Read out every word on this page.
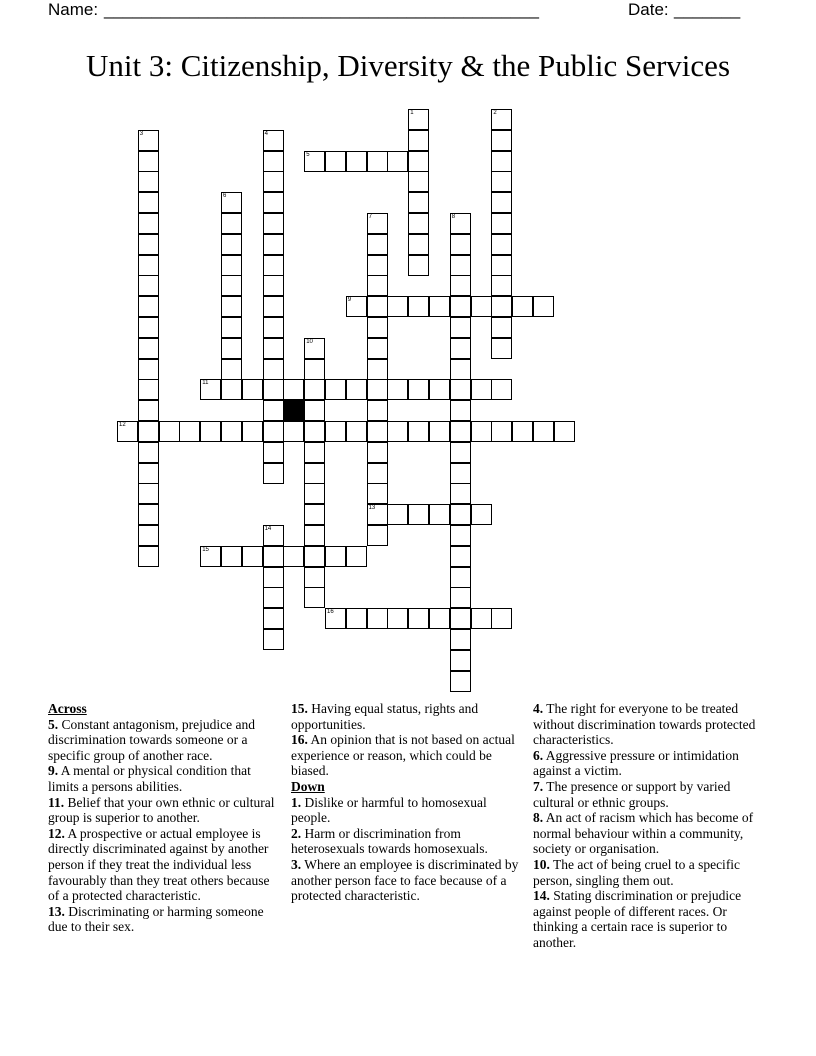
Name: ______________________________________________	Date: _______
Unit 3: Citizenship, Diversity & the Public Services
1	2
3	4
5
6
7
13
8
9
10
11
12
14
15
16
Across
5. Constant antagonism, prejudice and discrimination towards someone or a specific group of another race.
9. A mental or physical condition that limits a persons abilities.
11. Belief that your own ethnic or cultural group is superior to another.
12. A prospective or actual employee is directly discriminated against by another person if they treat the individual less favourably than they treat others because of a protected characteristic.
13. Discriminating or harming someone due to their sex.
15. Having equal status, rights and opportunities.
16. An opinion that is not based on actual experience or reason, which could be biased.
Down
1. Dislike or harmful to homosexual people.
2. Harm or discrimination from heterosexuals towards homosexuals.
3. Where an employee is discriminated by another person face to face because of a protected characteristic.
4. The right for everyone to be treated without discrimination towards protected characteristics.
6. Aggressive pressure or intimidation against a victim.
7. The presence or support by varied cultural or ethnic groups.
8. An act of racism which has become of normal behaviour within a community, society or organisation.
10. The act of being cruel to a specific person, singling them out.
14. Stating discrimination or prejudice against people of different races. Or thinking a certain race is superior to another.
